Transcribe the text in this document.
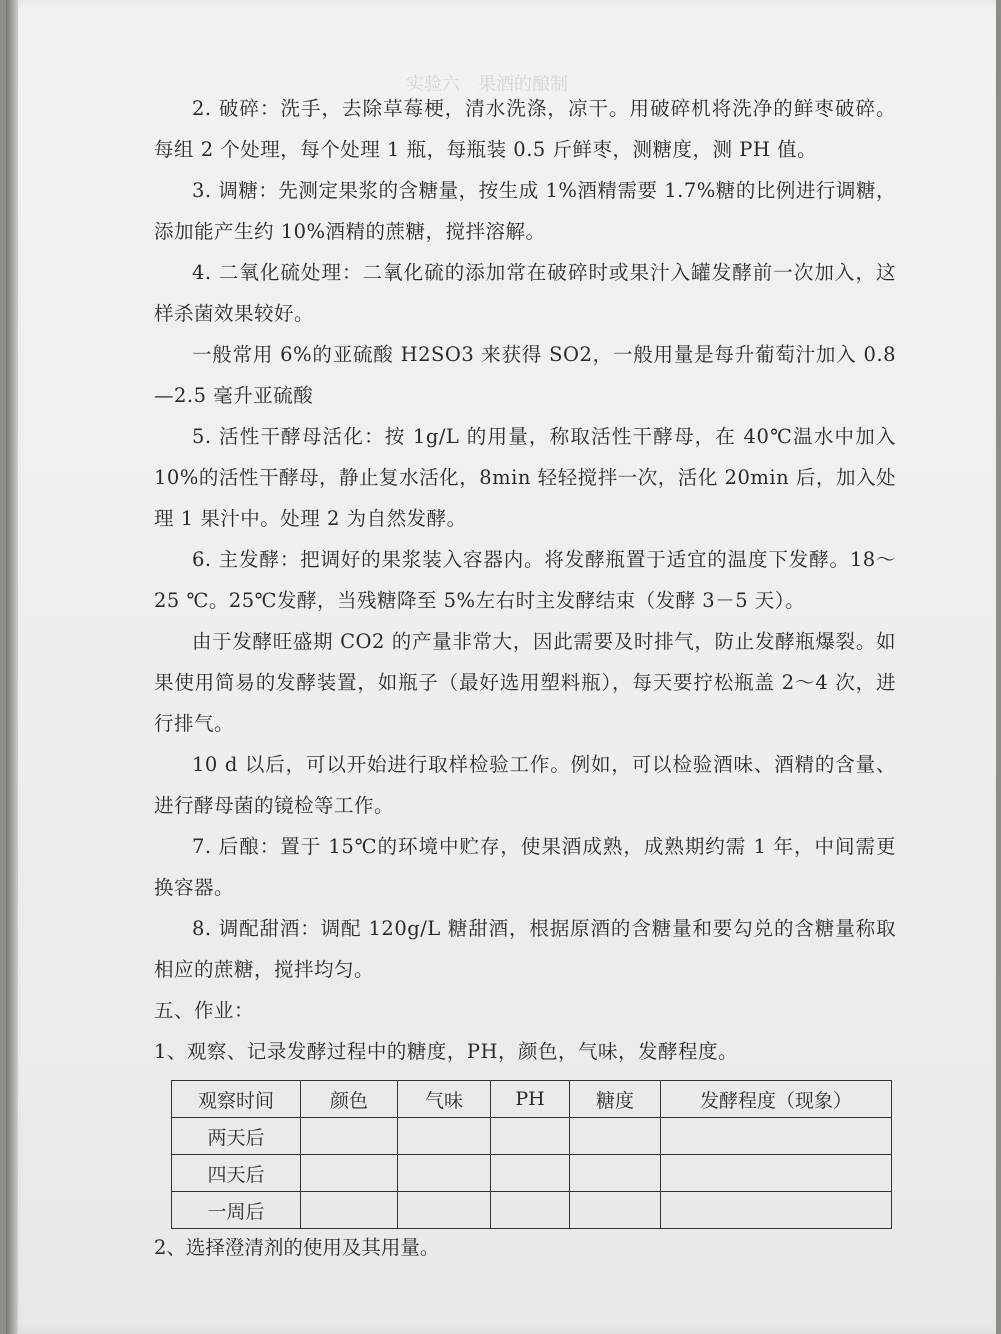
实验六　果酒的酿制

2. 破碎：洗手，去除草莓梗，清水洗涤，凉干。用破碎机将洗净的鲜枣破碎。每组 2 个处理，每个处理 1 瓶，每瓶装 0.5 斤鲜枣，测糖度，测 PH 值。

3. 调糖：先测定果浆的含糖量，按生成 1%酒精需要 1.7%糖的比例进行调糖，添加能产生约 10%酒精的蔗糖，搅拌溶解。

4. 二氧化硫处理：二氧化硫的添加常在破碎时或果汁入罐发酵前一次加入，这样杀菌效果较好。

一般常用 6%的亚硫酸 H2SO3 来获得 SO2，一般用量是每升葡萄汁加入 0.8—2.5 毫升亚硫酸

5. 活性干酵母活化：按 1g/L 的用量，称取活性干酵母，在 40℃温水中加入 10%的活性干酵母，静止复水活化，8min 轻轻搅拌一次，活化 20min 后，加入处理 1 果汁中。处理 2 为自然发酵。

6. 主发酵：把调好的果浆装入容器内。将发酵瓶置于适宜的温度下发酵。18～25 ℃。25℃发酵，当残糖降至 5%左右时主发酵结束（发酵 3－5 天）。

由于发酵旺盛期 CO2 的产量非常大，因此需要及时排气，防止发酵瓶爆裂。如果使用简易的发酵装置，如瓶子（最好选用塑料瓶），每天要拧松瓶盖 2～4 次，进行排气。

10 d 以后，可以开始进行取样检验工作。例如，可以检验酒味、酒精的含量、进行酵母菌的镜检等工作。

7. 后酿：置于 15℃的环境中贮存，使果酒成熟，成熟期约需 1 年，中间需更换容器。

8. 调配甜酒：调配 120g/L 糖甜酒，根据原酒的含糖量和要勾兑的含糖量称取相应的蔗糖，搅拌均匀。

五、作业：

1、观察、记录发酵过程中的糖度，PH，颜色，气味，发酵程度。

观察时间	颜色	气味	PH	糖度	发酵程度（现象）
两天后					
四天后					
一周后					

2、选择澄清剂的使用及其用量。
